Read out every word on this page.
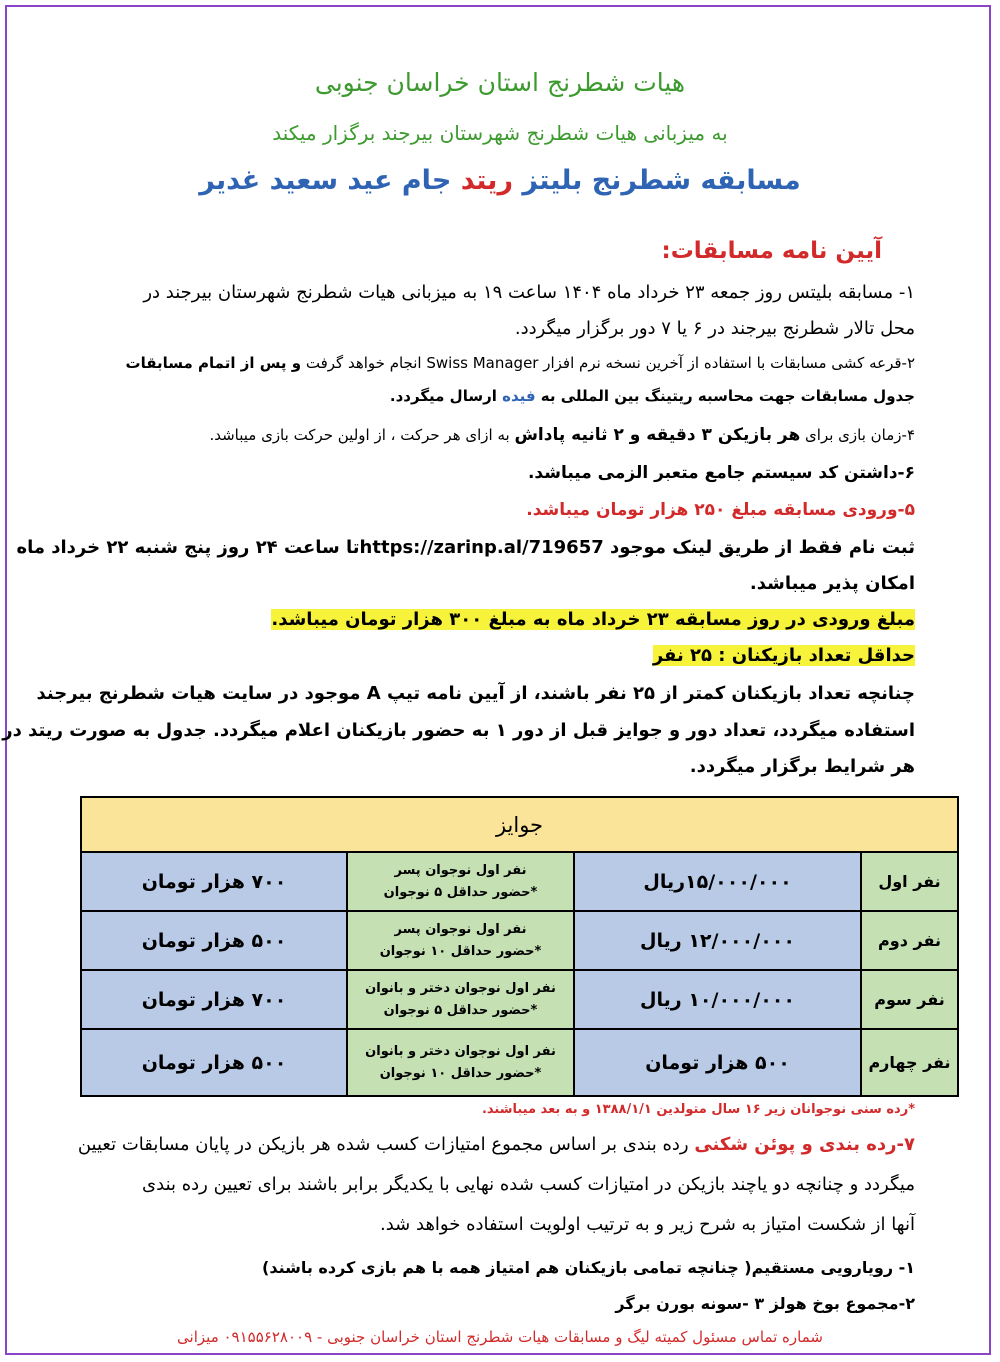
هیات شطرنج استان خراسان جنوبی
به میزبانی هیات شطرنج شهرستان بیرجند برگزار میکند
مسابقه شطرنج بلیتز ریتد جام عید سعید غدیر
آیین نامه مسابقات:
۱- مسابقه بلیتس روز جمعه ۲۳ خرداد ماه ۱۴۰۴ ساعت ۱۹ به میزبانی هیات شطرنج شهرستان بیرجند در
محل تالار شطرنج بیرجند در ۶ یا ۷ دور برگزار میگردد.
۲-قرعه کشی مسابقات با استفاده از آخرین نسخه نرم افزار Swiss Manager انجام خواهد گرفت و پس از اتمام مسابقات
جدول مسابقات جهت محاسبه ریتینگ بین المللی به فیده ارسال میگردد.
۴-زمان بازی برای هر بازیکن ۳ دقیقه و ۲ ثانیه پاداش به ازای هر حرکت ، از اولین حرکت بازی میباشد.
۶-داشتن کد سیستم جامع متعبر الزمی میباشد.
۵-ورودی مسابقه مبلغ ۲۵۰ هزار تومان میباشد.
ثبت نام فقط از طریق لینک موجود https://zarinp.al/719657تا ساعت ۲۴ روز پنج شنبه ۲۲ خرداد ماه
امکان پذیر میباشد.
مبلغ ورودی در روز مسابقه ۲۳ خرداد ماه به مبلغ ۳۰۰ هزار تومان میباشد.
حداقل تعداد بازیکنان : ۲۵ نفر
چنانچه تعداد بازیکنان کمتر از ۲۵ نفر باشند، از آیین نامه تیپ A موجود در سایت هیات شطرنج بیرجند
استفاده میگردد، تعداد دور و جوایز قبل از دور ۱ به حضور بازیکنان اعلام میگردد. جدول به صورت ریتد در
هر شرایط برگزار میگردد.
جوایز
نفر اول
۱۵/۰۰۰/۰۰۰ریال
نفر اول نوجوان پسر
*حضور حداقل ۵ نوجوان
۷۰۰ هزار تومان
نفر دوم
۱۲/۰۰۰/۰۰۰ ریال
نفر اول نوجوان پسر
*حضور حداقل ۱۰ نوجوان
۵۰۰ هزار تومان
نفر سوم
۱۰/۰۰۰/۰۰۰ ریال
نفر اول نوجوان دختر و بانوان
*حضور حداقل ۵ نوجوان
۷۰۰ هزار تومان
نفر چهارم
۵۰۰ هزار تومان
نفر اول نوجوان دختر و بانوان
*حضور حداقل ۱۰ نوجوان
۵۰۰ هزار تومان
*رده سنی نوجوانان زیر ۱۶ سال متولدین ۱۳۸۸/۱/۱ و به بعد میباشند.
۷-رده بندی و پوئن شکنی رده بندی بر اساس مجموع امتیازات کسب شده هر بازیکن در پایان مسابقات تعیین
میگردد و چنانچه دو یاچند بازیکن در امتیازات کسب شده نهایی با یکدیگر برابر باشند برای تعیین رده بندی
آنها از شکست امتیاز به شرح زیر و به ترتیب اولویت استفاده خواهد شد.
۱- رویارویی مستقیم( چنانچه تمامی بازیکنان هم امتیاز همه با هم بازی کرده باشند)
۲-مجموع بوخ هولز ۳ -سونه بورن برگر
شماره تماس مسئول کمیته لیگ و مسابقات هیات شطرنج استان خراسان جنوبی - ۰۹۱۵۵۶۲۸۰۰۹ میزانی
